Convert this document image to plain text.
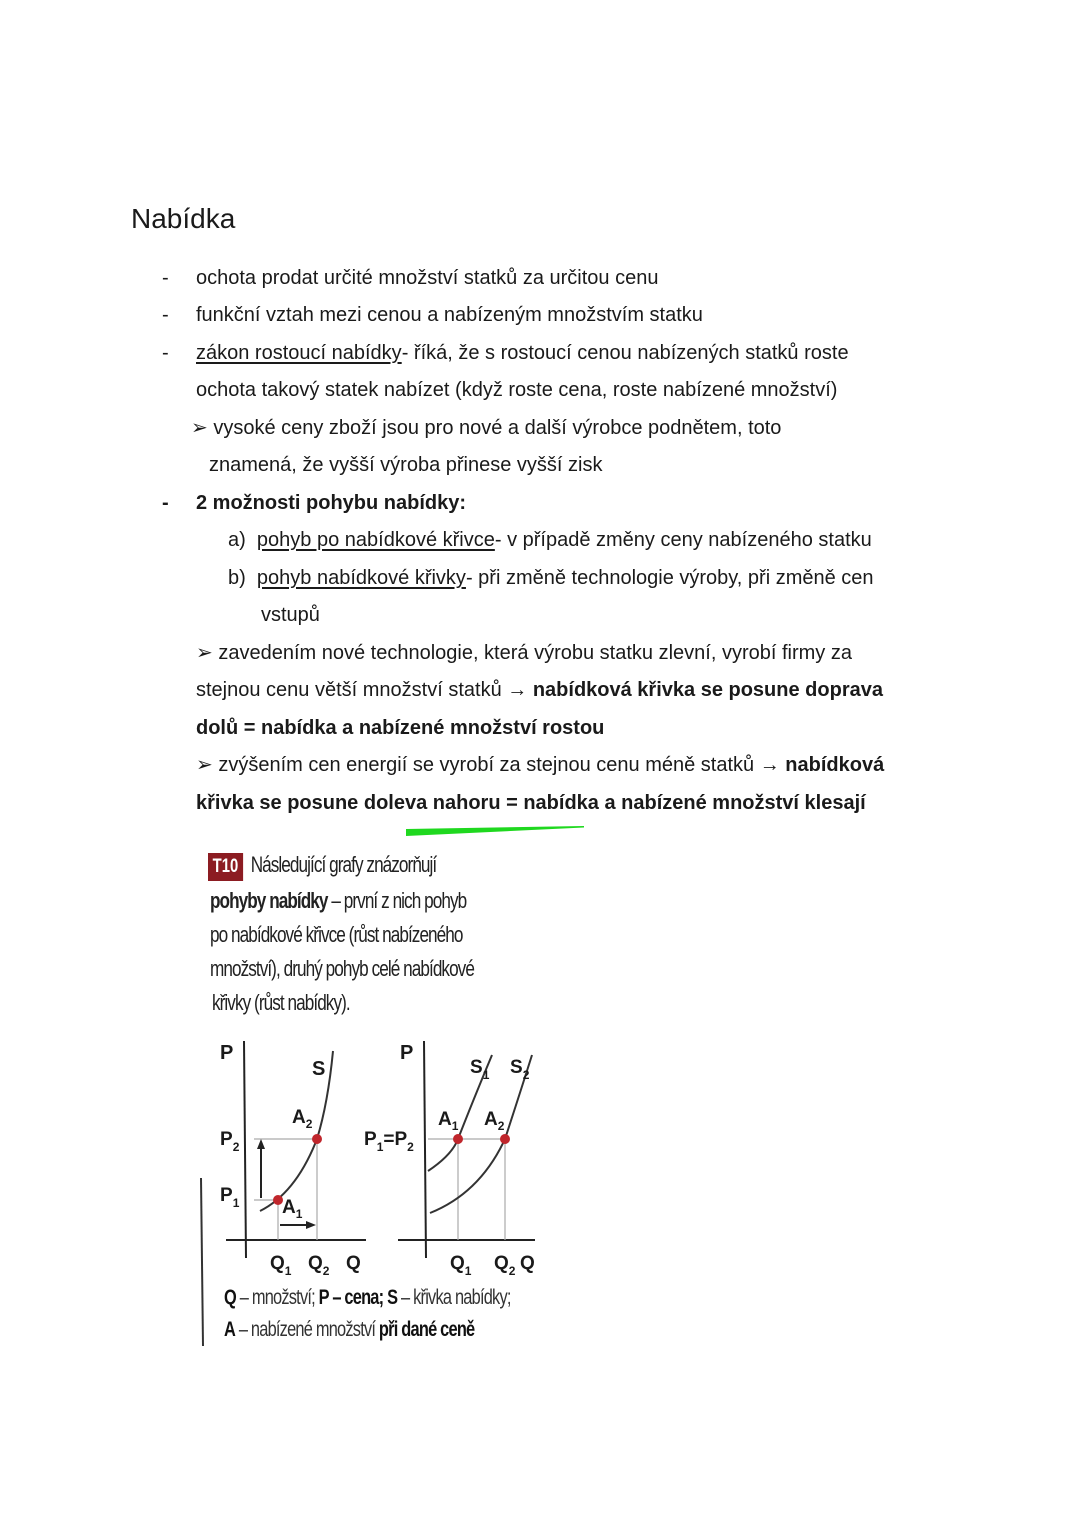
Nabídka
- ochota prodat určité množství statků za určitou cenu
- funkční vztah mezi cenou a nabízeným množstvím statku
- zákon rostoucí nabídky- říká, že s rostoucí cenou nabízených statků roste
ochota takový statek nabízet (když roste cena, roste nabízené množství)
➢ vysoké ceny zboží jsou pro nové a další výrobce podnětem, toto
znamená, že vyšší výroba přinese vyšší zisk
- 2 možnosti pohybu nabídky:
a) pohyb po nabídkové křivce- v případě změny ceny nabízeného statku
b) pohyb nabídkové křivky- při změně technologie výroby, při změně cen
vstupů
➢ zavedením nové technologie, která výrobu statku zlevní, vyrobí firmy za
stejnou cenu větší množství statků → nabídková křivka se posune doprava
dolů = nabídka a nabízené množství rostou
➢ zvýšením cen energií se vyrobí za stejnou cenu méně statků → nabídková
křivka se posune doleva nahoru = nabídka a nabízené množství klesají
T10 Následující grafy znázorňují
pohyby nabídky – první z nich pohyb
po nabídkové křivce (růst nabízeného
množství), druhý pohyb celé nabídkové
křivky (růst nabídky).
P
S
$A_2$
$A_1$
$P_2$
$P_1$
$Q_1$ $Q_2$ Q
P
$S_1$ $S_2$
$A_1$ $A_2$
$P_1=P_2$
$Q_1$ $Q_2$ Q
Q – množství; P – cena; S – křivka nabídky;
A – nabízené množství při dané ceně
